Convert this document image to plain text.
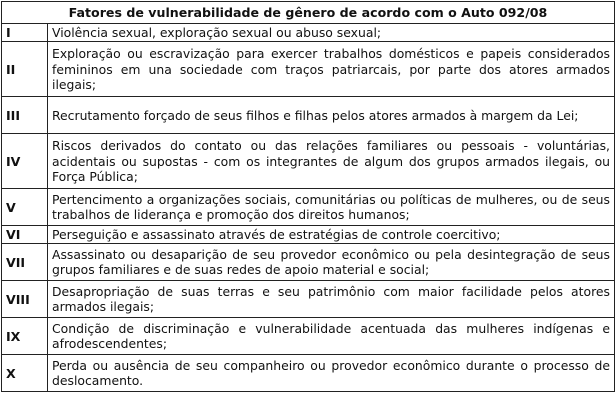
Fatores de vulnerabilidade de gênero de acordo com o Auto 092/08	
I	Violência sexual, exploração sexual ou abuso sexual;
II	Exploração ou escravização para exercer trabalhos domésticos e papeis considerados femininos em una sociedade com traços patriarcais, por parte dos atores armados ilegais;
III	Recrutamento forçado de seus filhos e filhas pelos atores armados à margem da Lei;
IV	Riscos derivados do contato ou das relações familiares ou pessoais - voluntárias, acidentais ou supostas - com os integrantes de algum dos grupos armados ilegais, ou Força Pública;
V	Pertencimento a organizações sociais, comunitárias ou políticas de mulheres, ou de seus trabalhos de liderança e promoção dos direitos humanos;
VI	Perseguição e assassinato através de estratégias de controle coercitivo;
VII	Assassinato ou desaparição de seu provedor econômico ou pela desintegração de seus grupos familiares e de suas redes de apoio material e social;
VIII	Desapropriação de suas terras e seu patrimônio com maior facilidade pelos atores armados ilegais;
IX	Condição de discriminação e vulnerabilidade acentuada das mulheres indígenas e afrodescendentes;
X	Perda ou ausência de seu companheiro ou provedor econômico durante o processo de deslocamento.
